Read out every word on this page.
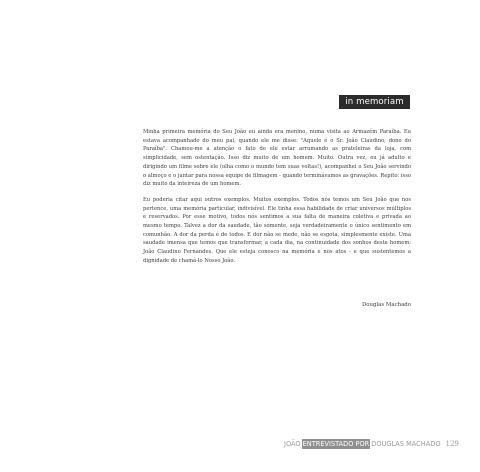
in memoriam

Minha primeira memória do Seu João eu ainda era menino, numa visita ao Armazém Paraíba. Eu estava acompanhado do meu pai, quando ele me disse: "Aquele é o Sr. João Claudino, dono do Paraíba". Chamou-me a atenção o fato de ele estar arrumando as prateleiras da loja, com simplicidade, sem ostentação. Isso diz muito de um homem. Muito. Outra vez, eu já adulto e dirigindo um filme sobre ele (olha como o mundo tem suas voltas!), acompanhei o Seu João servindo o almoço e o jantar para nossa equipe de filmagem - quando terminávamos as gravações. Repito: isso diz muito da inteireza de um homem.

Eu poderia citar aqui outros exemplos. Muitos exemplos. Todos nós temos um Seu João que nos pertence, uma memória particular, indivisível. Ele tinha essa habilidade de criar universos múltiplos e reservados. Por esse motivo, todos nós sentimos a sua falta de maneira coletiva e privada ao mesmo tempo. Talvez a dor da saudade, tão somente, seja verdadeiramente o único sentimento em comunhão. A dor da perda é de todos. E dor não se mede, não se esgota, simplesmente existe. Uma saudade imensa que temos que transformar, a cada dia, na continuidade dos sonhos deste homem: João Claudino Fernandes. Que ele esteja conosco na memória e nos atos - e que sustentemos a dignidade de chamá-lo Nosso João.

Douglas Machado
JOÃO ENTREVISTADO POR DOUGLAS MACHADO 129
